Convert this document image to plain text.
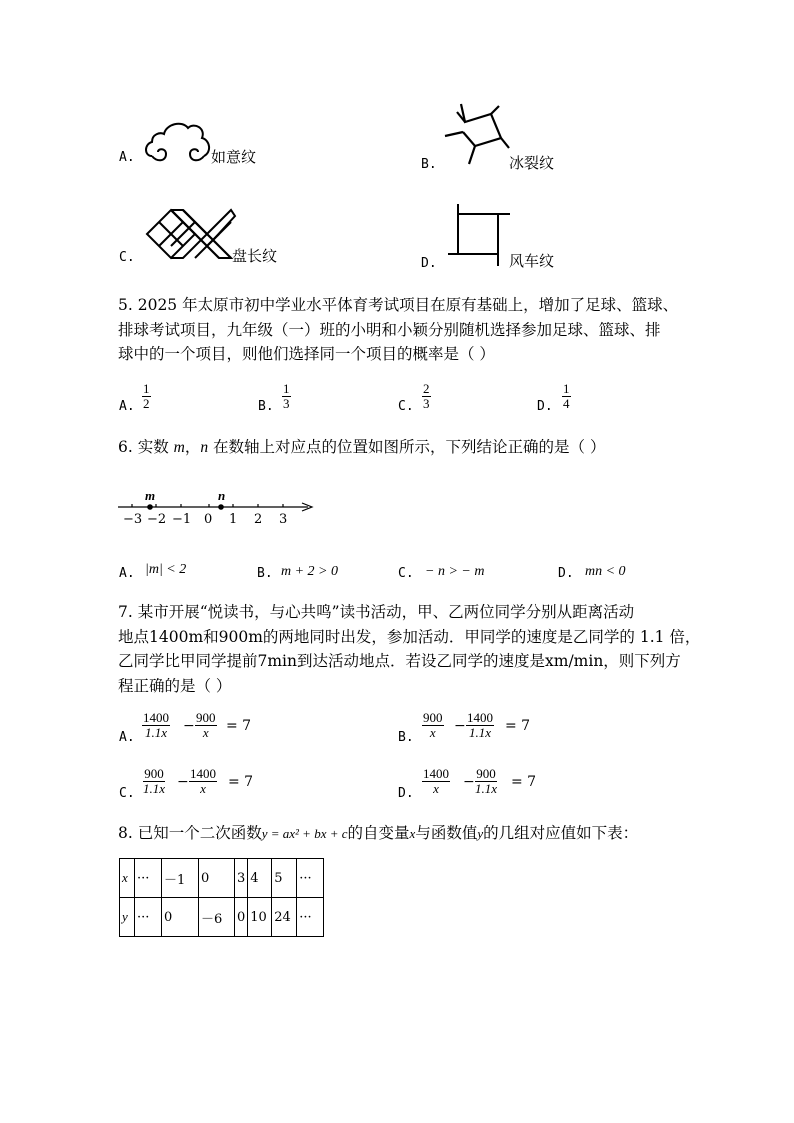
A.	如意纹	B.	冰裂纹
C.	盘长纹	D.	风车纹
5. 2025 年太原市初中学业水平体育考试项目在原有基础上，增加了足球、篮球、
排球考试项目，九年级（一）班的小明和小颖分别随机选择参加足球、篮球、排
球中的一个项目，则他们选择同一个项目的概率是（ ）
A. $\frac{1}{2}$	B. $\frac{1}{3}$	C. $\frac{2}{3}$	D. $\frac{1}{4}$
6. 实数 m，n 在数轴上对应点的位置如图所示，下列结论正确的是（ ）
m	n
−3 −2 −1 0 1 2 3
A. |m| < 2	B. m + 2 > 0	C. − n > − m	D. mn < 0
7. 某市开展“悦读书，与心共鸣”读书活动，甲、乙两位同学分别从距离活动
地点1400m和900m的两地同时出发，参加活动．甲同学的速度是乙同学的 1.1 倍，
乙同学比甲同学提前7min到达活动地点．若设乙同学的速度是xm/min，则下列方
程正确的是（ ）
A. $\frac{1400}{1.1x} - \frac{900}{x} = 7$
B. $\frac{900}{x} - \frac{1400}{1.1x} = 7$
C. $\frac{900}{1.1x} - \frac{1400}{x} = 7$
D. $\frac{1400}{x} - \frac{900}{1.1x} = 7$
8. 已知一个二次函数y = ax² + bx + c的自变量x与函数值y的几组对应值如下表：
x	···	－1	0	3	4	5	···
y	···	0	－6	0	10	24	···
